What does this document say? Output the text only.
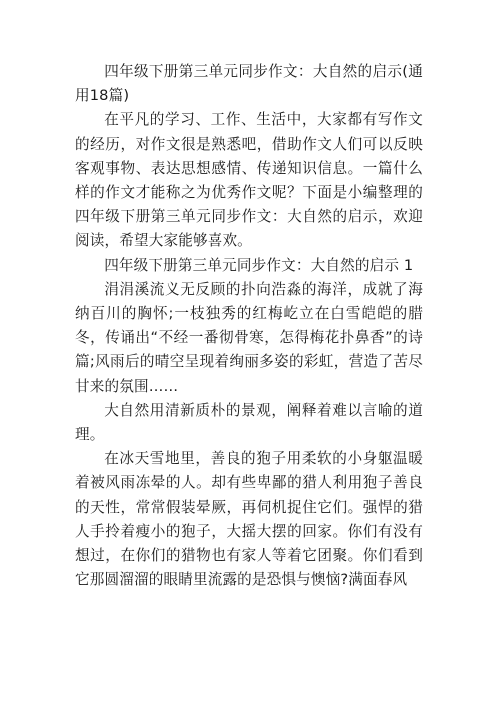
四年级下册第三单元同步作文：大自然的启示(通用18篇)

在平凡的学习、工作、生活中，大家都有写作文的经历，对作文很是熟悉吧，借助作文人们可以反映客观事物、表达思想感情、传递知识信息。一篇什么样的作文才能称之为优秀作文呢？下面是小编整理的四年级下册第三单元同步作文：大自然的启示，欢迎阅读，希望大家能够喜欢。

四年级下册第三单元同步作文：大自然的启示 1

涓涓溪流义无反顾的扑向浩淼的海洋，成就了海纳百川的胸怀;一枝独秀的红梅屹立在白雪皑皑的腊冬，传诵出“不经一番彻骨寒，怎得梅花扑鼻香”的诗篇;风雨后的晴空呈现着绚丽多姿的彩虹，营造了苦尽甘来的氛围……

大自然用清新质朴的景观，阐释着难以言喻的道理。

在冰天雪地里，善良的狍子用柔软的小身躯温暖着被风雨冻晕的人。却有些卑鄙的猎人利用狍子善良的天性，常常假装晕厥，再伺机捉住它们。强悍的猎人手拎着瘦小的狍子，大摇大摆的回家。你们有没有想过，在你们的猎物也有家人等着它团聚。你们看到它那圆溜溜的眼睛里流露的是恐惧与懊恼?满面春风
